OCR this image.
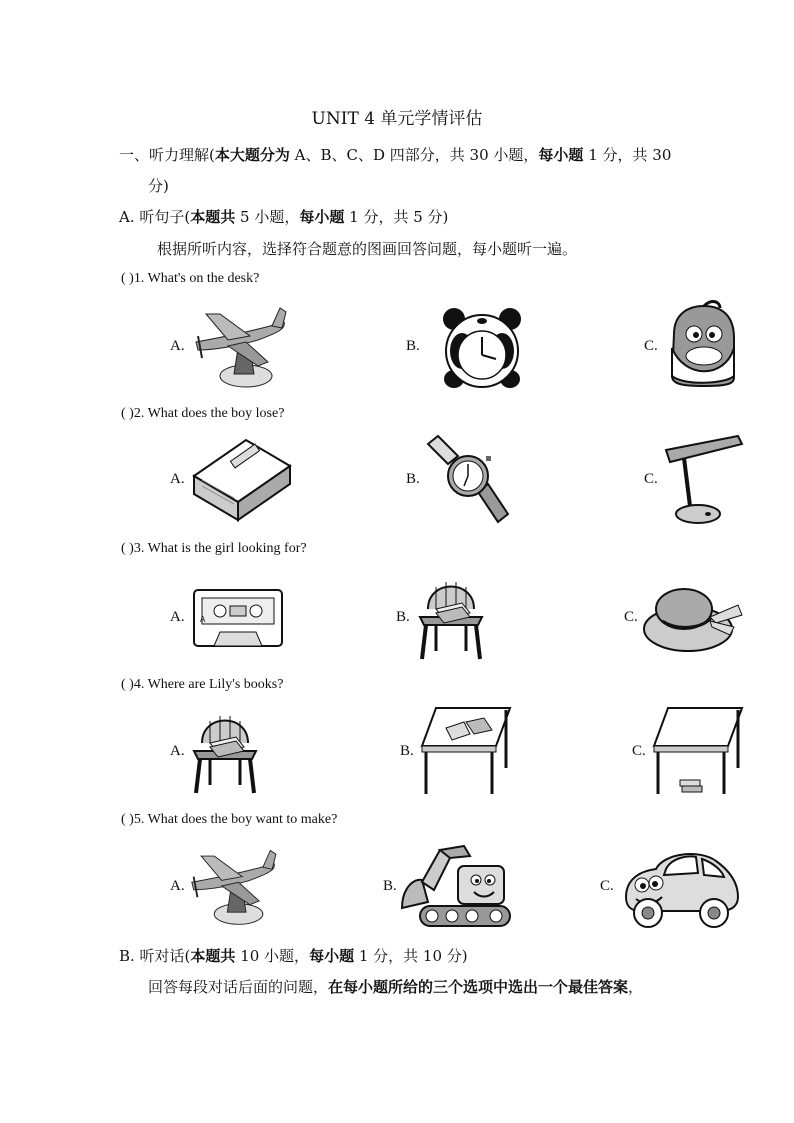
UNIT 4 单元学情评估
一、听力理解(本大题分为 A、B、C、D 四部分，共 30 小题，每小题 1 分，共 30
分)
A. 听句子(本题共 5 小题，每小题 1 分，共 5 分)
根据所听内容，选择符合题意的图画回答问题，每小题听一遍。
( )1. What's on the desk?
A.	B.	C.
( )2. What does the boy lose?
A.	B.	C.
( )3. What is the girl looking for?
A.	B.	C.
A
( )4. Where are Lily's books?
A.	B.	C.
( )5. What does the boy want to make?
A.	B.	C.
B. 听对话(本题共 10 小题，每小题 1 分，共 10 分)
回答每段对话后面的问题，在每小题所给的三个选项中选出一个最佳答案，
